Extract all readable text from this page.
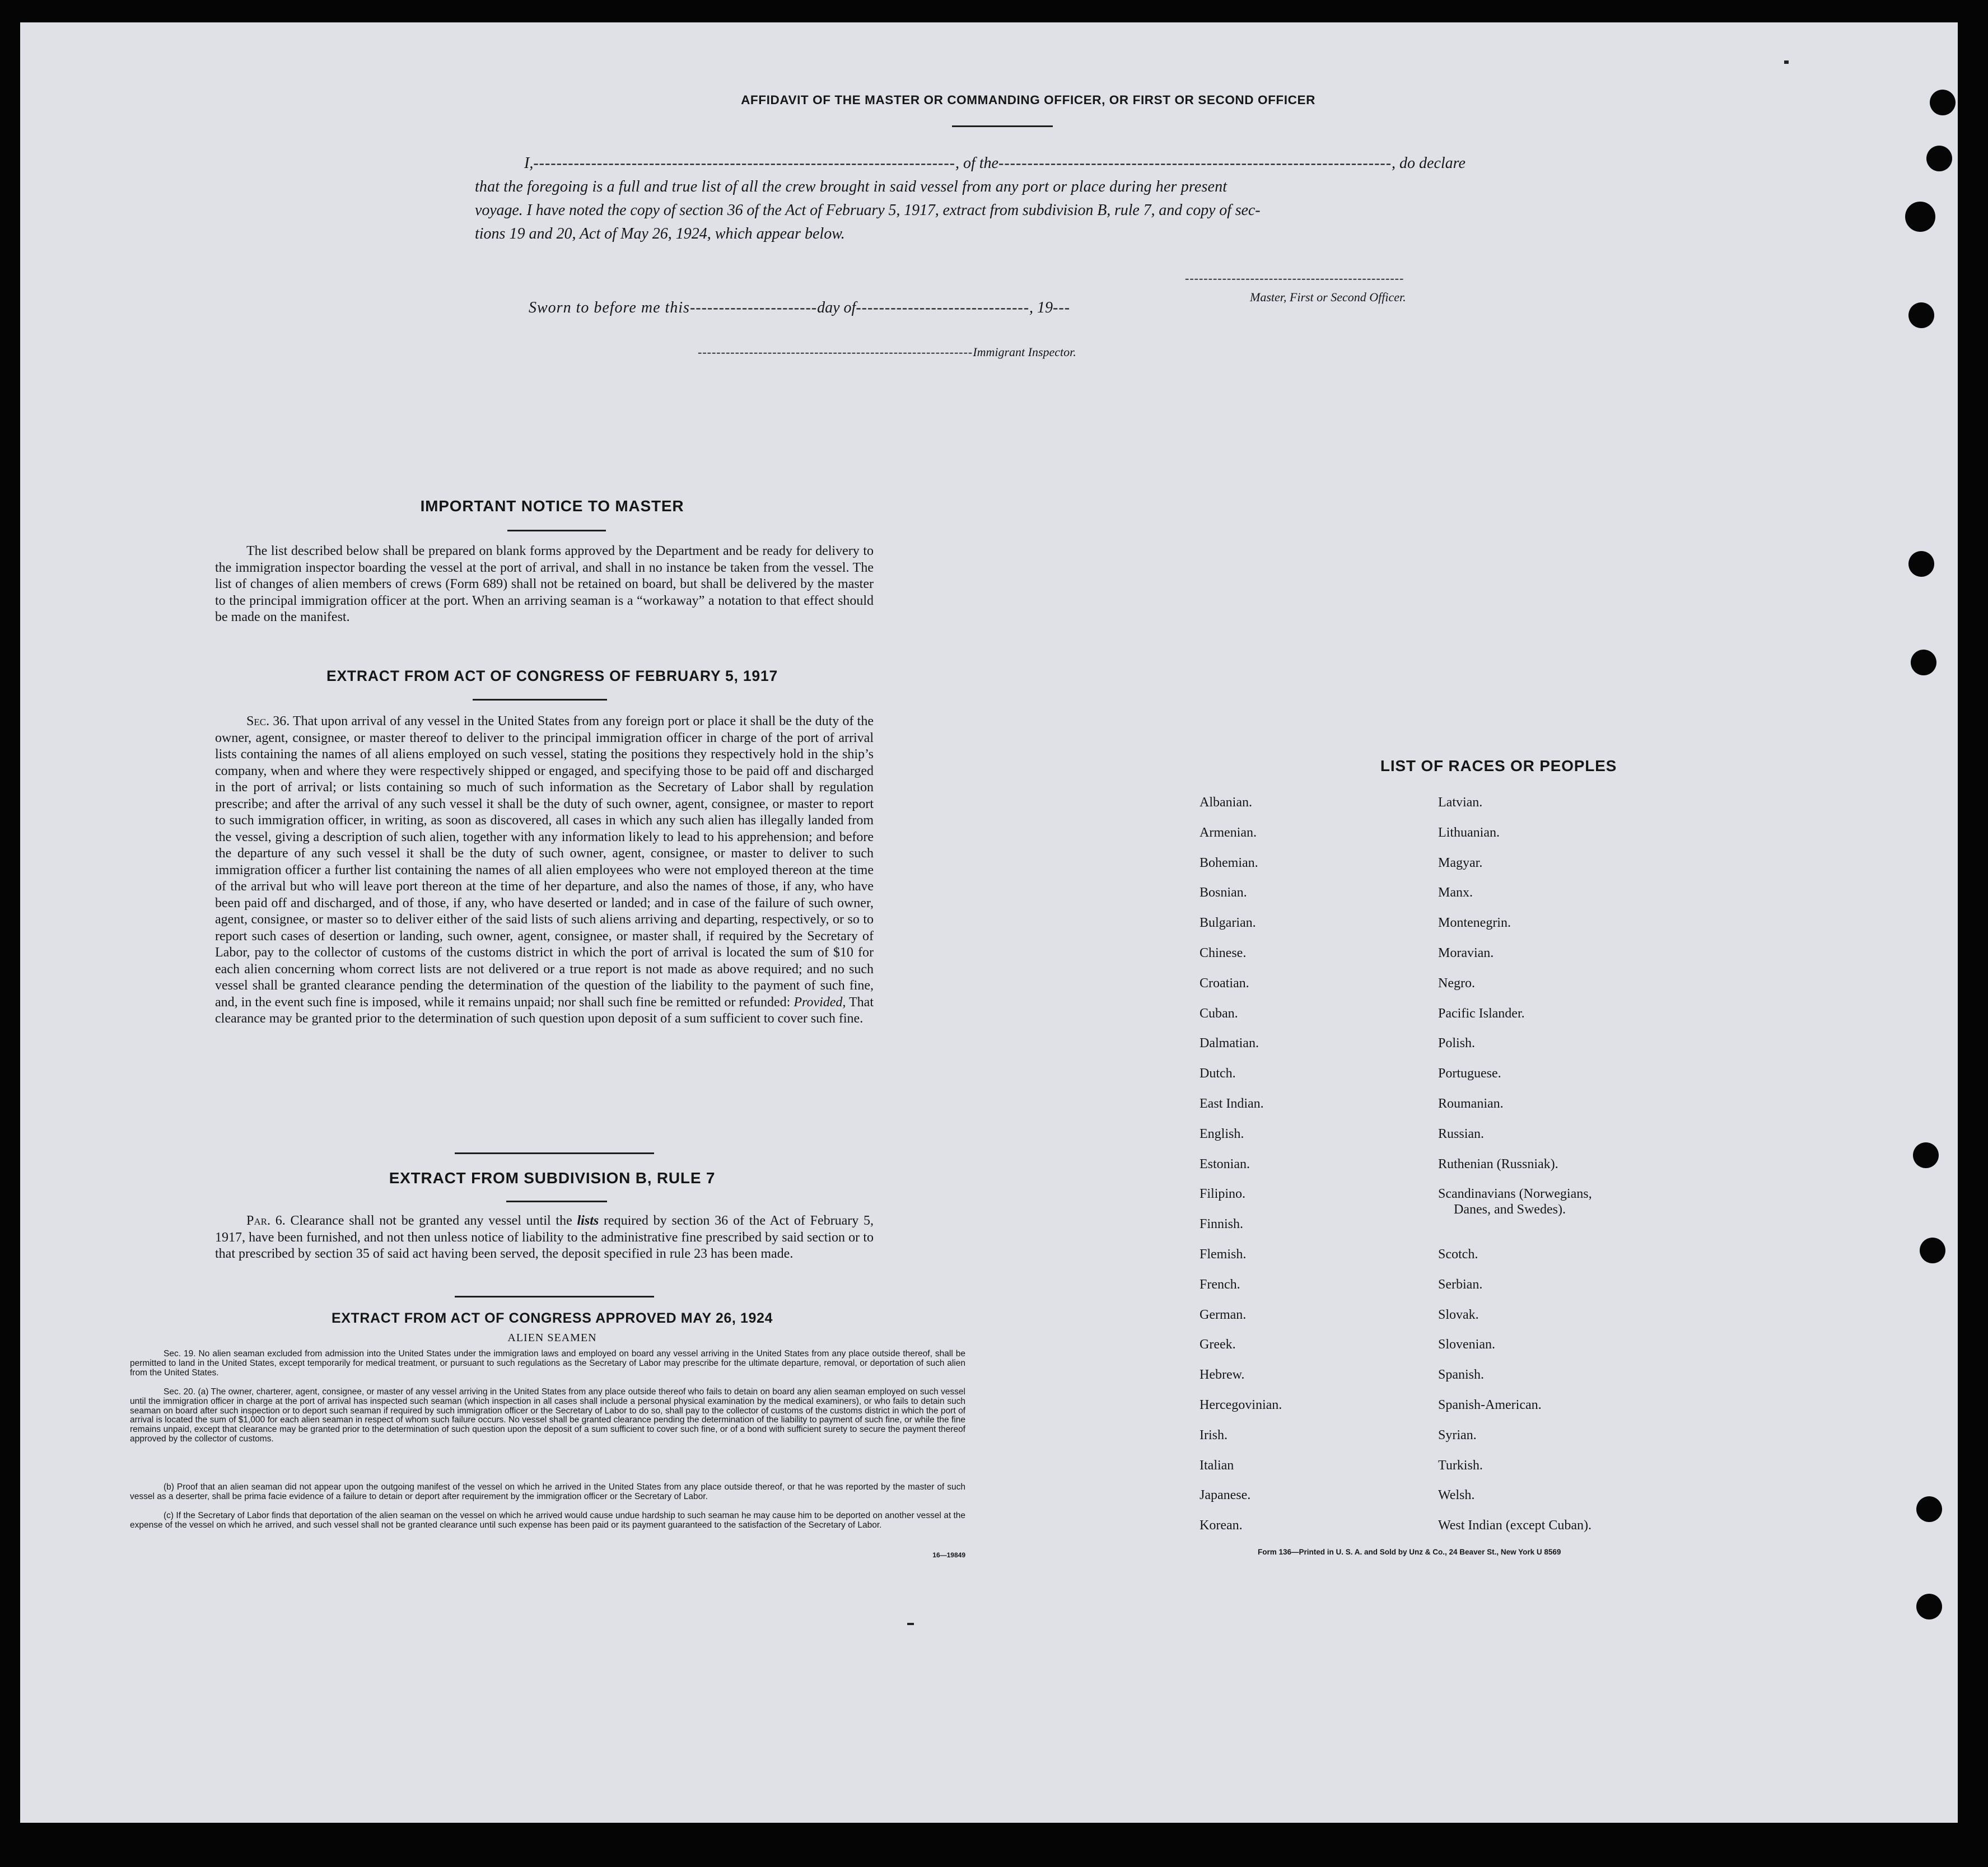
AFFIDAVIT OF THE MASTER OR COMMANDING OFFICER, OR FIRST OR SECOND OFFICER
I,-------------------------------------------------------------------------, of the--------------------------------------------------------------------, do declare
that the foregoing is a full and true list of all the crew brought in said vessel from any port or place during her present
voyage. I have noted the copy of section 36 of the Act of February 5, 1917, extract from subdivision B, rule 7, and copy of sec-
tions 19 and 20, Act of May 26, 1924, which appear below.
-----------------------------------------------
Master, First or Second Officer.
Sworn to before me this----------------------day of------------------------------, 19---
-----------------------------------------------------------Immigrant Inspector.
IMPORTANT NOTICE TO MASTER
The list described below shall be prepared on blank forms approved by the Department and be ready for delivery to the immigration inspector boarding the vessel at the port of arrival, and shall in no instance be taken from the vessel. The list of changes of alien members of crews (Form 689) shall not be retained on board, but shall be delivered by the master to the principal immigration officer at the port. When an arriving seaman is a “workaway” a notation to that effect should be made on the manifest.
EXTRACT FROM ACT OF CONGRESS OF FEBRUARY 5, 1917
Sec. 36. That upon arrival of any vessel in the United States from any foreign port or place it shall be the duty of the owner, agent, consignee, or master thereof to deliver to the principal immigration officer in charge of the port of arrival lists containing the names of all aliens employed on such vessel, stating the positions they respectively hold in the ship’s company, when and where they were respectively shipped or engaged, and specifying those to be paid off and discharged in the port of arrival; or lists containing so much of such information as the Secretary of Labor shall by regulation prescribe; and after the arrival of any such vessel it shall be the duty of such owner, agent, consignee, or master to report to such immigration officer, in writing, as soon as discovered, all cases in which any such alien has illegally landed from the vessel, giving a description of such alien, together with any information likely to lead to his apprehension; and before the departure of any such vessel it shall be the duty of such owner, agent, consignee, or master to deliver to such immigration officer a further list containing the names of all alien employees who were not employed thereon at the time of the arrival but who will leave port thereon at the time of her departure, and also the names of those, if any, who have been paid off and discharged, and of those, if any, who have deserted or landed; and in case of the failure of such owner, agent, consignee, or master so to deliver either of the said lists of such aliens arriving and departing, respectively, or so to report such cases of desertion or landing, such owner, agent, consignee, or master shall, if required by the Secretary of Labor, pay to the collector of customs of the customs district in which the port of arrival is located the sum of $10 for each alien concerning whom correct lists are not delivered or a true report is not made as above required; and no such vessel shall be granted clearance pending the determination of the question of the liability to the payment of such fine, and, in the event such fine is imposed, while it remains unpaid; nor shall such fine be remitted or refunded: Provided, That clearance may be granted prior to the determination of such question upon deposit of a sum sufficient to cover such fine.
EXTRACT FROM SUBDIVISION B, RULE 7
Par. 6. Clearance shall not be granted any vessel until the lists required by section 36 of the Act of February 5, 1917, have been furnished, and not then unless notice of liability to the administrative fine prescribed by said section or to that prescribed by section 35 of said act having been served, the deposit specified in rule 23 has been made.
EXTRACT FROM ACT OF CONGRESS APPROVED MAY 26, 1924
ALIEN SEAMEN
Sec. 19. No alien seaman excluded from admission into the United States under the immigration laws and employed on board any vessel arriving in the United States from any place outside thereof, shall be permitted to land in the United States, except temporarily for medical treatment, or pursuant to such regulations as the Secretary of Labor may prescribe for the ultimate departure, removal, or deportation of such alien from the United States.
Sec. 20. (a) The owner, charterer, agent, consignee, or master of any vessel arriving in the United States from any place outside thereof who fails to detain on board any alien seaman employed on such vessel until the immigration officer in charge at the port of arrival has inspected such seaman (which inspection in all cases shall include a personal physical examination by the medical examiners), or who fails to detain such seaman on board after such inspection or to deport such seaman if required by such immigration officer or the Secretary of Labor to do so, shall pay to the collector of customs of the customs district in which the port of arrival is located the sum of $1,000 for each alien seaman in respect of whom such failure occurs. No vessel shall be granted clearance pending the determination of the liability to payment of such fine, or while the fine remains unpaid, except that clearance may be granted prior to the determination of such question upon the deposit of a sum sufficient to cover such fine, or of a bond with sufficient surety to secure the payment thereof approved by the collector of customs.
(b) Proof that an alien seaman did not appear upon the outgoing manifest of the vessel on which he arrived in the United States from any place outside thereof, or that he was reported by the master of such vessel as a deserter, shall be prima facie evidence of a failure to detain or deport after requirement by the immigration officer or the Secretary of Labor.
(c) If the Secretary of Labor finds that deportation of the alien seaman on the vessel on which he arrived would cause undue hardship to such seaman he may cause him to be deported on another vessel at the expense of the vessel on which he arrived, and such vessel shall not be granted clearance until such expense has been paid or its payment guaranteed to the satisfaction of the Secretary of Labor.
16—19849
LIST OF RACES OR PEOPLES
Form 136—Printed in U. S. A. and Sold by Unz & Co., 24 Beaver St., New York U 8569
Albanian.
Armenian.
Bohemian.
Bosnian.
Bulgarian.
Chinese.
Croatian.
Cuban.
Dalmatian.
Dutch.
East Indian.
English.
Estonian.
Filipino.
Finnish.
Flemish.
French.
German.
Greek.
Hebrew.
Hercegovinian.
Irish.
Italian
Japanese.
Korean.
Latvian.
Lithuanian.
Magyar.
Manx.
Montenegrin.
Moravian.
Negro.
Pacific Islander.
Polish.
Portuguese.
Roumanian.
Russian.
Ruthenian (Russniak).
Scandinavians (Norwegians,
Danes, and Swedes).
Scotch.
Serbian.
Slovak.
Slovenian.
Spanish.
Spanish-American.
Syrian.
Turkish.
Welsh.
West Indian (except Cuban).
